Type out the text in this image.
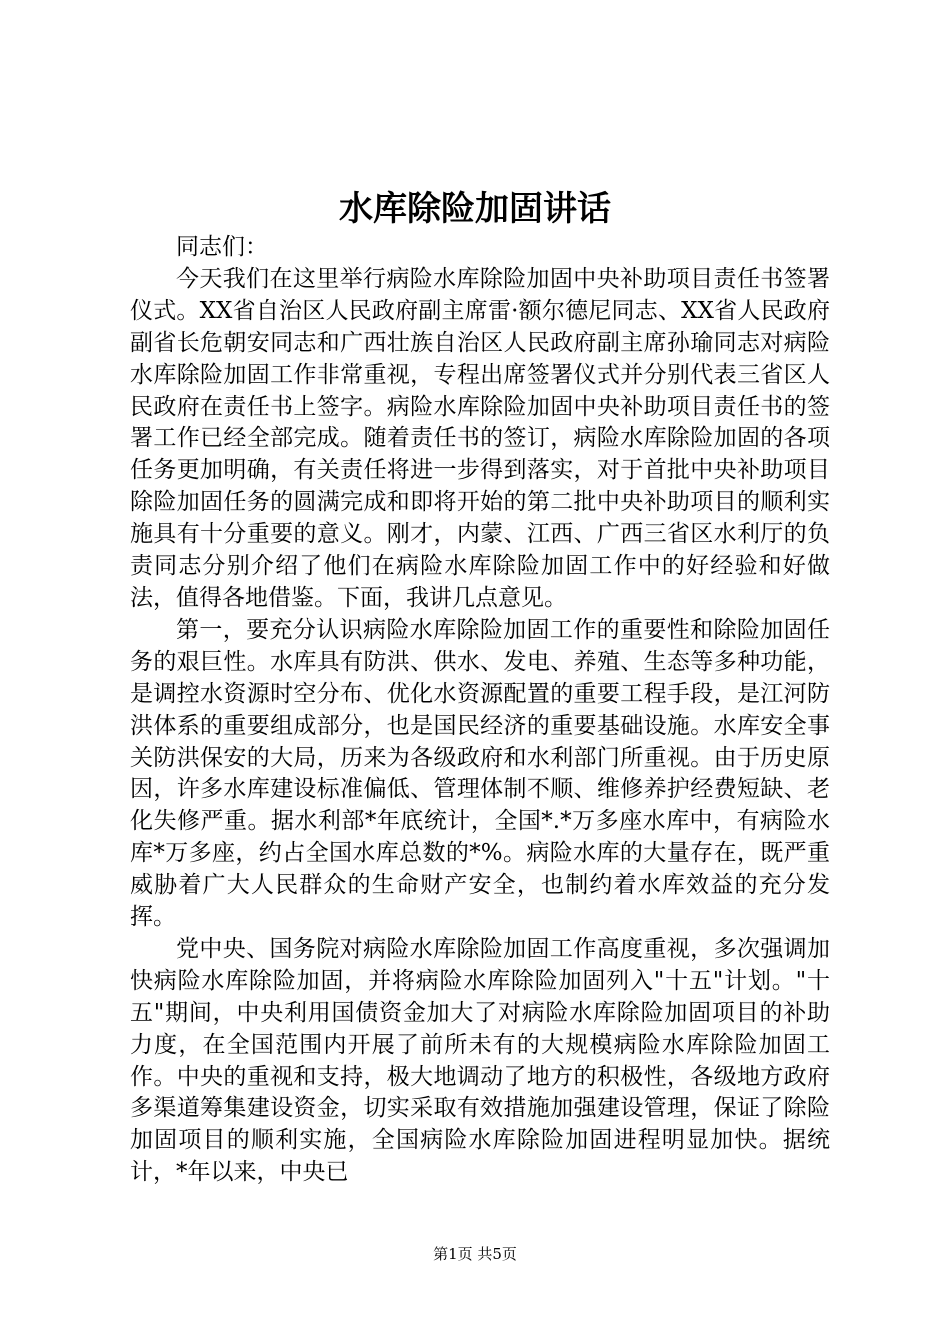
水库除险加固讲话

同志们：

今天我们在这里举行病险水库除险加固中央补助项目责任书签署仪式。XX省自治区人民政府副主席雷·额尔德尼同志、XX省人民政府副省长危朝安同志和广西壮族自治区人民政府副主席孙瑜同志对病险水库除险加固工作非常重视，专程出席签署仪式并分别代表三省区人民政府在责任书上签字。病险水库除险加固中央补助项目责任书的签署工作已经全部完成。随着责任书的签订，病险水库除险加固的各项任务更加明确，有关责任将进一步得到落实，对于首批中央补助项目除险加固任务的圆满完成和即将开始的第二批中央补助项目的顺利实施具有十分重要的意义。刚才，内蒙、江西、广西三省区水利厅的负责同志分别介绍了他们在病险水库除险加固工作中的好经验和好做法，值得各地借鉴。下面，我讲几点意见。

第一，要充分认识病险水库除险加固工作的重要性和除险加固任务的艰巨性。水库具有防洪、供水、发电、养殖、生态等多种功能，是调控水资源时空分布、优化水资源配置的重要工程手段，是江河防洪体系的重要组成部分，也是国民经济的重要基础设施。水库安全事关防洪保安的大局，历来为各级政府和水利部门所重视。由于历史原因，许多水库建设标准偏低、管理体制不顺、维修养护经费短缺、老化失修严重。据水利部*年底统计，全国*.*万多座水库中，有病险水库*万多座，约占全国水库总数的*%。病险水库的大量存在，既严重威胁着广大人民群众的生命财产安全，也制约着水库效益的充分发挥。

党中央、国务院对病险水库除险加固工作高度重视，多次强调加快病险水库除险加固，并将病险水库除险加固列入"十五"计划。"十五"期间，中央利用国债资金加大了对病险水库除险加固项目的补助力度，在全国范围内开展了前所未有的大规模病险水库除险加固工作。中央的重视和支持，极大地调动了地方的积极性，各级地方政府多渠道筹集建设资金，切实采取有效措施加强建设管理，保证了除险加固项目的顺利实施，全国病险水库除险加固进程明显加快。据统计，*年以来，中央已

第1页 共5页
